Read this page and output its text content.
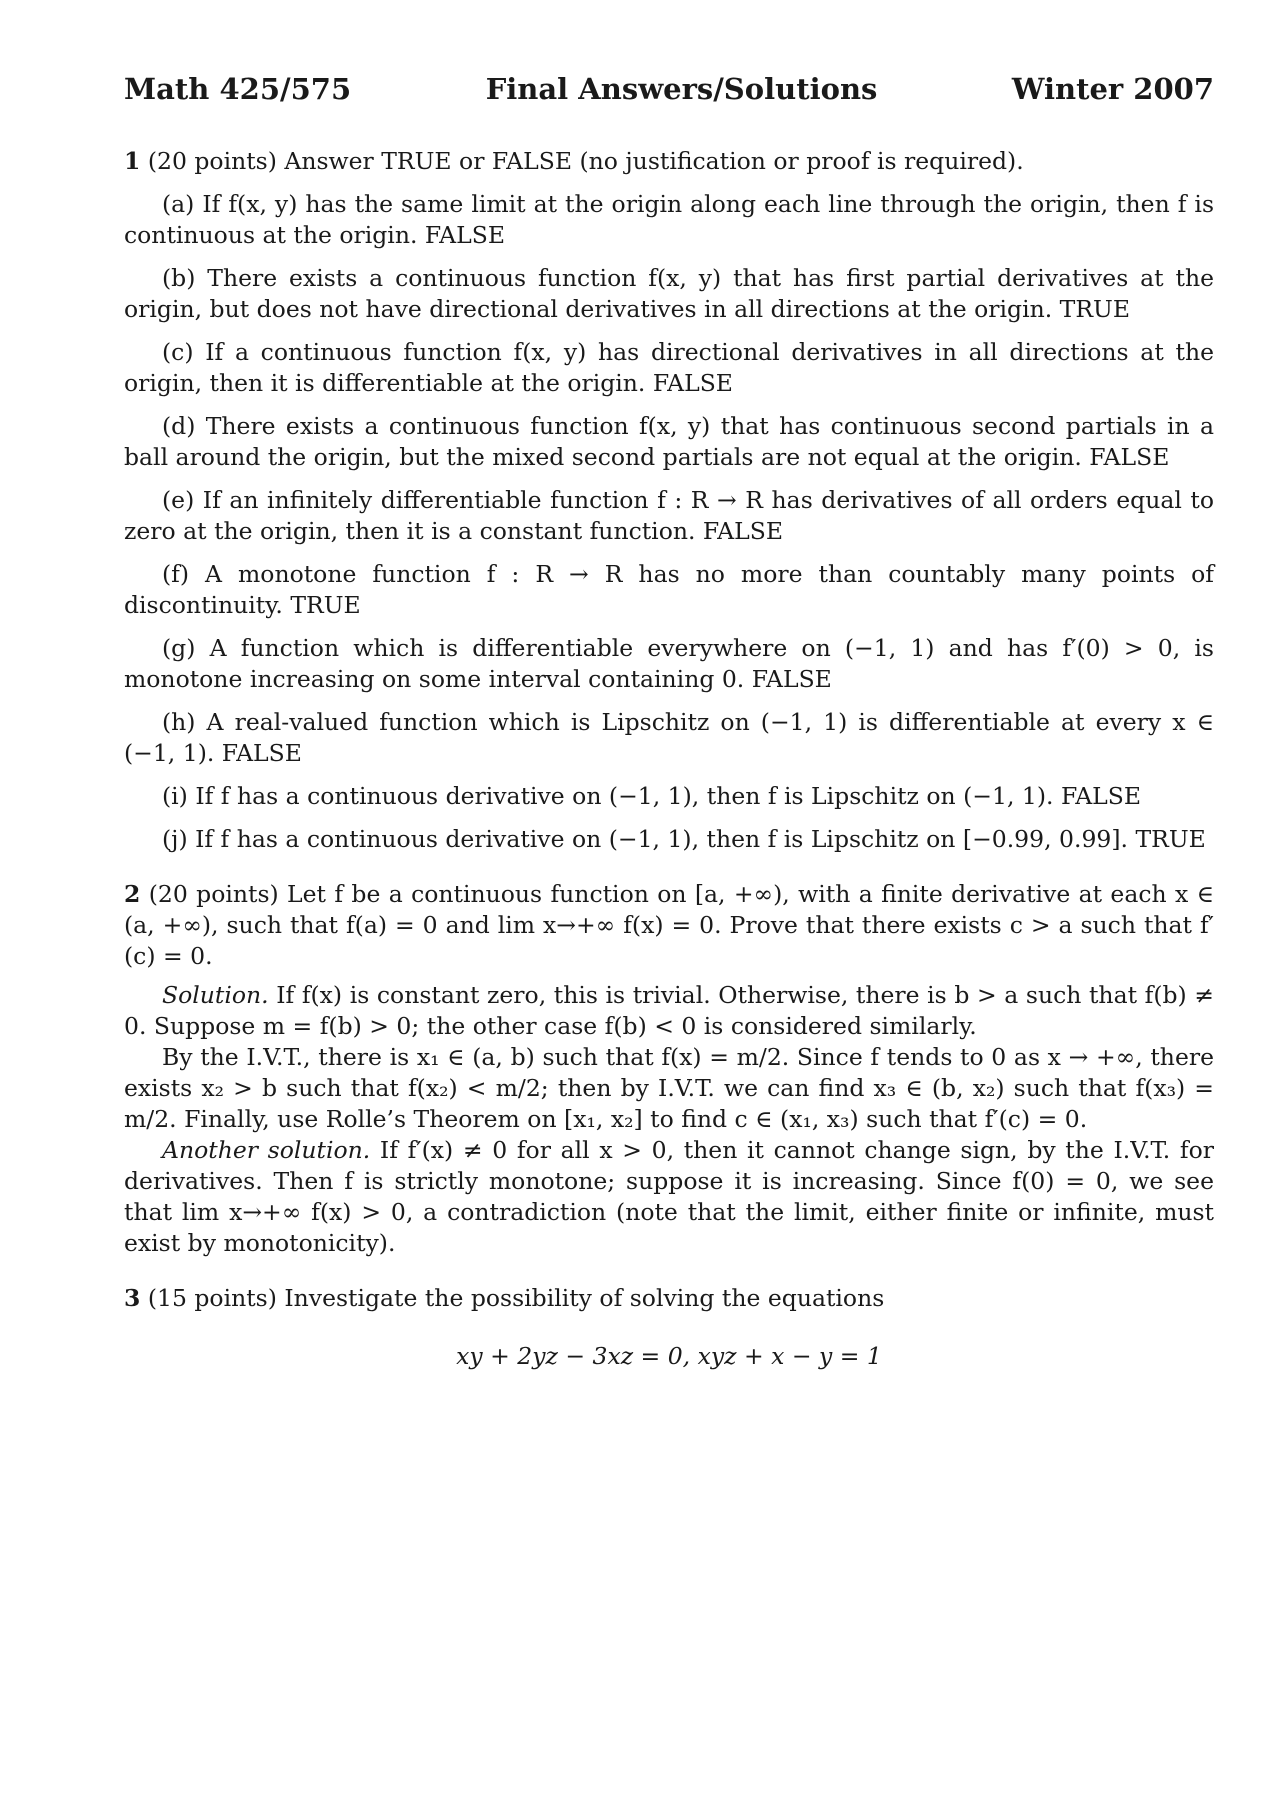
Math 425/575	Final Answers/Solutions	Winter 2007

1 (20 points) Answer TRUE or FALSE (no justification or proof is required).

(a) If f(x, y) has the same limit at the origin along each line through the origin, then f is continuous at the origin. FALSE

(b) There exists a continuous function f(x, y) that has first partial derivatives at the origin, but does not have directional derivatives in all directions at the origin. TRUE

(c) If a continuous function f(x, y) has directional derivatives in all directions at the origin, then it is differentiable at the origin. FALSE

(d) There exists a continuous function f(x, y) that has continuous second partials in a ball around the origin, but the mixed second partials are not equal at the origin. FALSE

(e) If an infinitely differentiable function f : R → R has derivatives of all orders equal to zero at the origin, then it is a constant function. FALSE

(f) A monotone function f : R → R has no more than countably many points of discontinuity. TRUE

(g) A function which is differentiable everywhere on (−1, 1) and has f′(0) > 0, is monotone increasing on some interval containing 0. FALSE

(h) A real-valued function which is Lipschitz on (−1, 1) is differentiable at every x ∈ (−1, 1). FALSE

(i) If f has a continuous derivative on (−1, 1), then f is Lipschitz on (−1, 1). FALSE

(j) If f has a continuous derivative on (−1, 1), then f is Lipschitz on [−0.99, 0.99]. TRUE

2 (20 points) Let f be a continuous function on [a, +∞), with a finite derivative at each x ∈ (a, +∞), such that f(a) = 0 and lim x→+∞ f(x) = 0. Prove that there exists c > a such that f′(c) = 0.

Solution. If f(x) is constant zero, this is trivial. Otherwise, there is b > a such that f(b) ≠ 0. Suppose m = f(b) > 0; the other case f(b) < 0 is considered similarly.

By the I.V.T., there is x₁ ∈ (a, b) such that f(x) = m/2. Since f tends to 0 as x → +∞, there exists x₂ > b such that f(x₂) < m/2; then by I.V.T. we can find x₃ ∈ (b, x₂) such that f(x₃) = m/2. Finally, use Rolle’s Theorem on [x₁, x₂] to find c ∈ (x₁, x₃) such that f′(c) = 0.

Another solution. If f′(x) ≠ 0 for all x > 0, then it cannot change sign, by the I.V.T. for derivatives. Then f is strictly monotone; suppose it is increasing. Since f(0) = 0, we see that lim x→+∞ f(x) > 0, a contradiction (note that the limit, either finite or infinite, must exist by monotonicity).

3 (15 points) Investigate the possibility of solving the equations

xy + 2yz − 3xz = 0, xyz + x − y = 1
